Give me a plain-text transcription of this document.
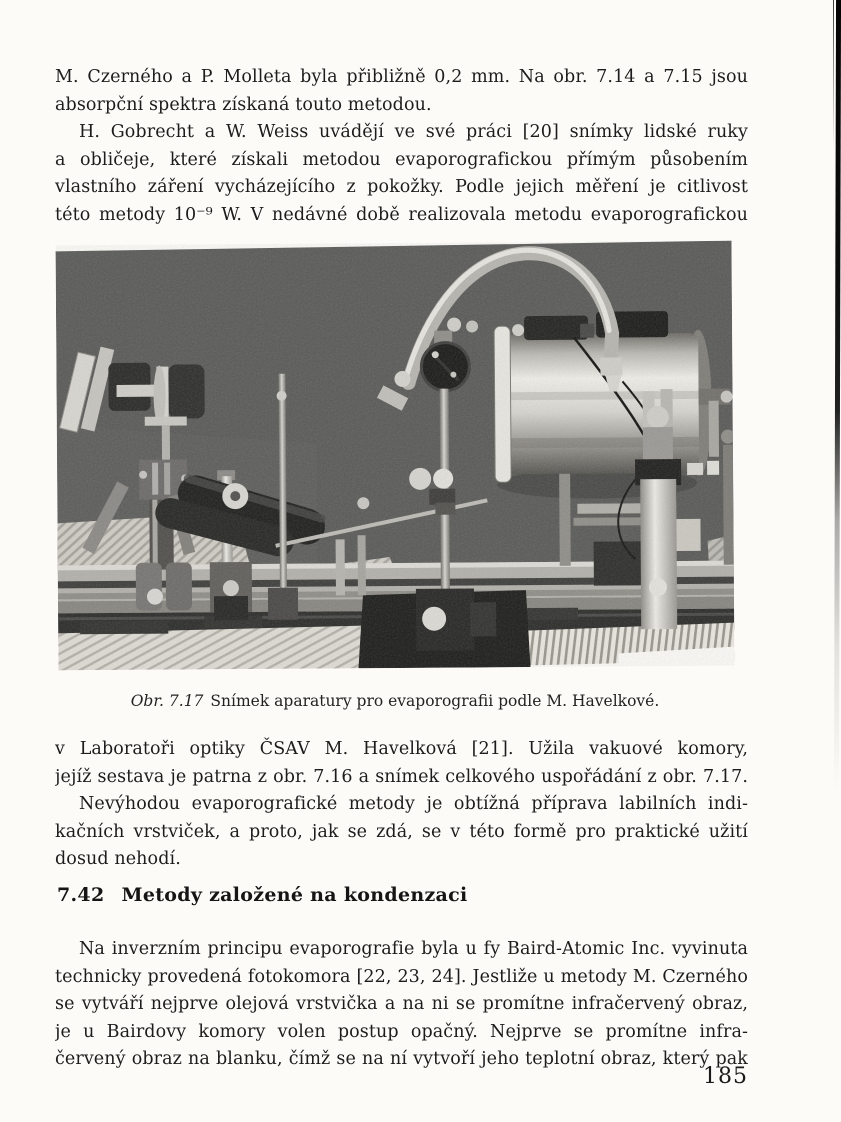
M. Czerného a P. Molleta byla přibližně 0,2 mm. Na obr. 7.14 a 7.15 jsou
absorpční spektra získaná touto metodou.
H. Gobrecht a W. Weiss uvádějí ve své práci [20] snímky lidské ruky
a obličeje, které získali metodou evaporografickou přímým působením
vlastního záření vycházejícího z pokožky. Podle jejich měření je citlivost
této metody 10⁻⁹ W. V nedávné době realizovala metodu evaporografickou
Obr. 7.17 Snímek aparatury pro evaporografii podle M. Havelkové.
v Laboratoři optiky ČSAV M. Havelková [21]. Užila vakuové komory,
jejíž sestava je patrna z obr. 7.16 a snímek celkového uspořádání z obr. 7.17.
Nevýhodou evaporografické metody je obtížná příprava labilních indi-
kačních vrstviček, a proto, jak se zdá, se v této formě pro praktické užití
dosud nehodí.
7.42 Metody založené na kondenzaci
Na inverzním principu evaporografie byla u fy Baird-Atomic Inc. vyvinuta
technicky provedená fotokomora [22, 23, 24]. Jestliže u metody M. Czerného
se vytváří nejprve olejová vrstvička a na ni se promítne infračervený obraz,
je u Bairdovy komory volen postup opačný. Nejprve se promítne infra-
červený obraz na blanku, čímž se na ní vytvoří jeho teplotní obraz, který pak
185
